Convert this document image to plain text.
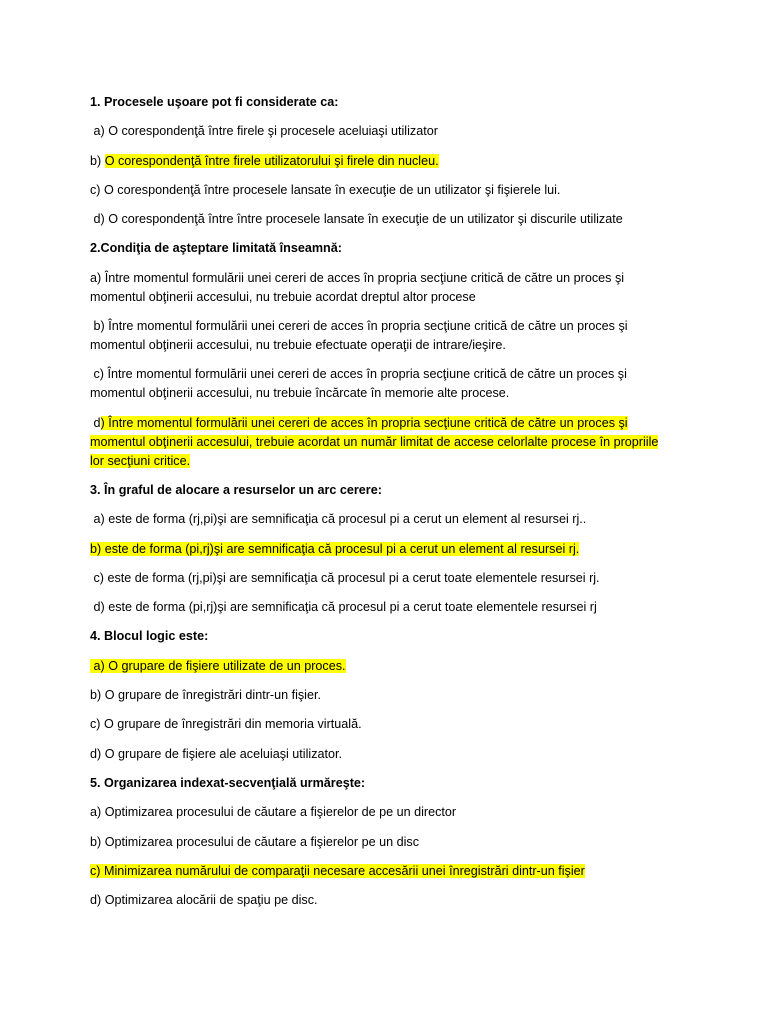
1. Procesele uşoare pot fi considerate ca:

a) O corespondenţă între firele şi procesele aceluiaşi utilizator

b) O corespondenţă între firele utilizatorului şi firele din nucleu.

c) O corespondenţă între procesele lansate în execuţie de un utilizator şi fişierele lui.

d) O corespondenţă între între procesele lansate în execuţie de un utilizator şi discurile utilizate

2.Condiţia de aşteptare limitată înseamnă:

a) Între momentul formulării unei cereri de acces în propria secţiune critică de către un proces şi
momentul obţinerii accesului, nu trebuie acordat dreptul altor procese

b) Între momentul formulării unei cereri de acces în propria secţiune critică de către un proces şi
momentul obţinerii accesului, nu trebuie efectuate operaţii de intrare/ieşire.

c) Între momentul formulării unei cereri de acces în propria secţiune critică de către un proces şi
momentul obţinerii accesului, nu trebuie încărcate în memorie alte procese.

d) Între momentul formulării unei cereri de acces în propria secţiune critică de către un proces şi
momentul obţinerii accesului, trebuie acordat un număr limitat de accese celorlalte procese în propriile
lor secţiuni critice.

3. În graful de alocare a resurselor un arc cerere:

a) este de forma (rj,pi)şi are semnificaţia că procesul pi a cerut un element al resursei rj..

b) este de forma (pi,rj)şi are semnificaţia că procesul pi a cerut un element al resursei rj.

c) este de forma (rj,pi)şi are semnificaţia că procesul pi a cerut toate elementele resursei rj.

d) este de forma (pi,rj)şi are semnificaţia că procesul pi a cerut toate elementele resursei rj

4. Blocul logic este:

a) O grupare de fişiere utilizate de un proces.

b) O grupare de înregistrări dintr-un fişier.

c) O grupare de înregistrări din memoria virtuală.

d) O grupare de fişiere ale aceluiaşi utilizator.

5. Organizarea indexat-secvenţială urmăreşte:

a) Optimizarea procesului de căutare a fişierelor de pe un director

b) Optimizarea procesului de căutare a fişierelor pe un disc

c) Minimizarea numărului de comparaţii necesare accesării unei înregistrări dintr-un fişier

d) Optimizarea alocării de spaţiu pe disc.
